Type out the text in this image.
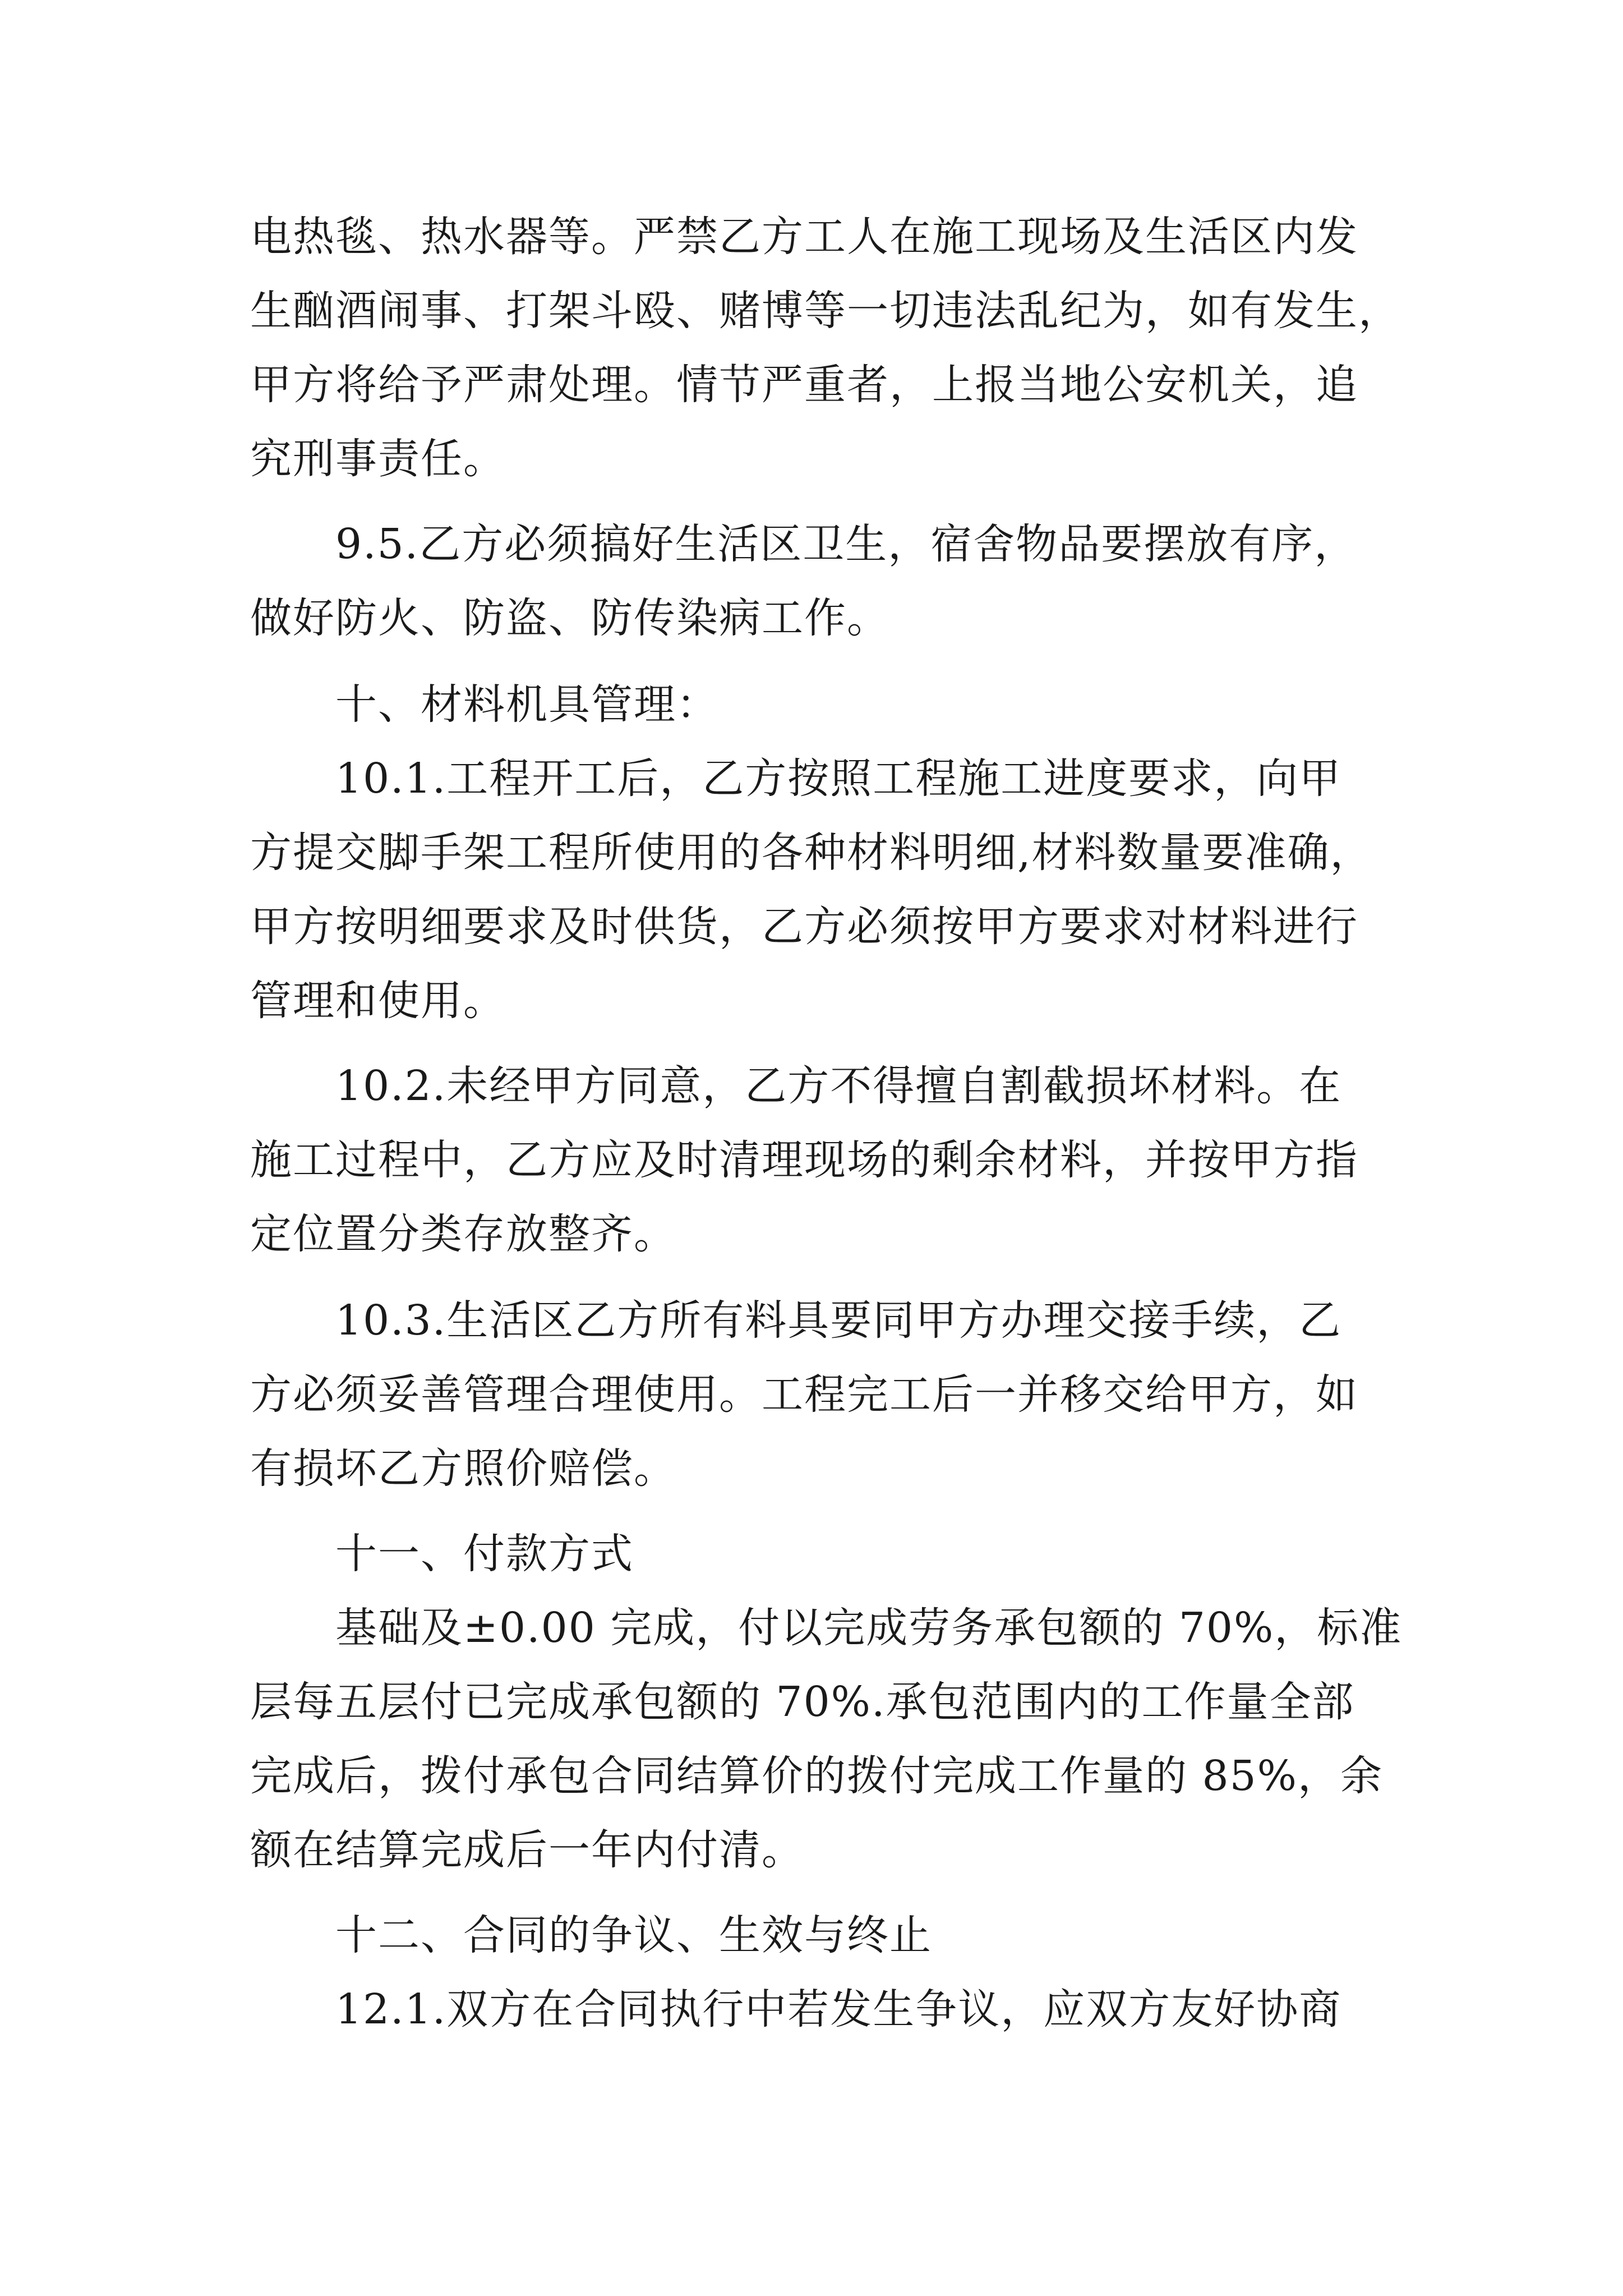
电热毯、热水器等。严禁乙方工人在施工现场及生活区内发
生酗酒闹事、打架斗殴、赌博等一切违法乱纪为，如有发生，
甲方将给予严肃处理。情节严重者，上报当地公安机关，追
究刑事责任。
9.5.乙方必须搞好生活区卫生，宿舍物品要摆放有序，
做好防火、防盗、防传染病工作。
十、材料机具管理：
10.1.工程开工后，乙方按照工程施工进度要求，向甲
方提交脚手架工程所使用的各种材料明细,材料数量要准确，
甲方按明细要求及时供货，乙方必须按甲方要求对材料进行
管理和使用。
10.2.未经甲方同意，乙方不得擅自割截损坏材料。在
施工过程中，乙方应及时清理现场的剩余材料，并按甲方指
定位置分类存放整齐。
10.3.生活区乙方所有料具要同甲方办理交接手续，乙
方必须妥善管理合理使用。工程完工后一并移交给甲方，如
有损坏乙方照价赔偿。
十一、付款方式
基础及±0.00 完成，付以完成劳务承包额的 70%，标准
层每五层付已完成承包额的 70%.承包范围内的工作量全部
完成后，拨付承包合同结算价的拨付完成工作量的 85%，余
额在结算完成后一年内付清。
十二、合同的争议、生效与终止
12.1.双方在合同执行中若发生争议，应双方友好协商
